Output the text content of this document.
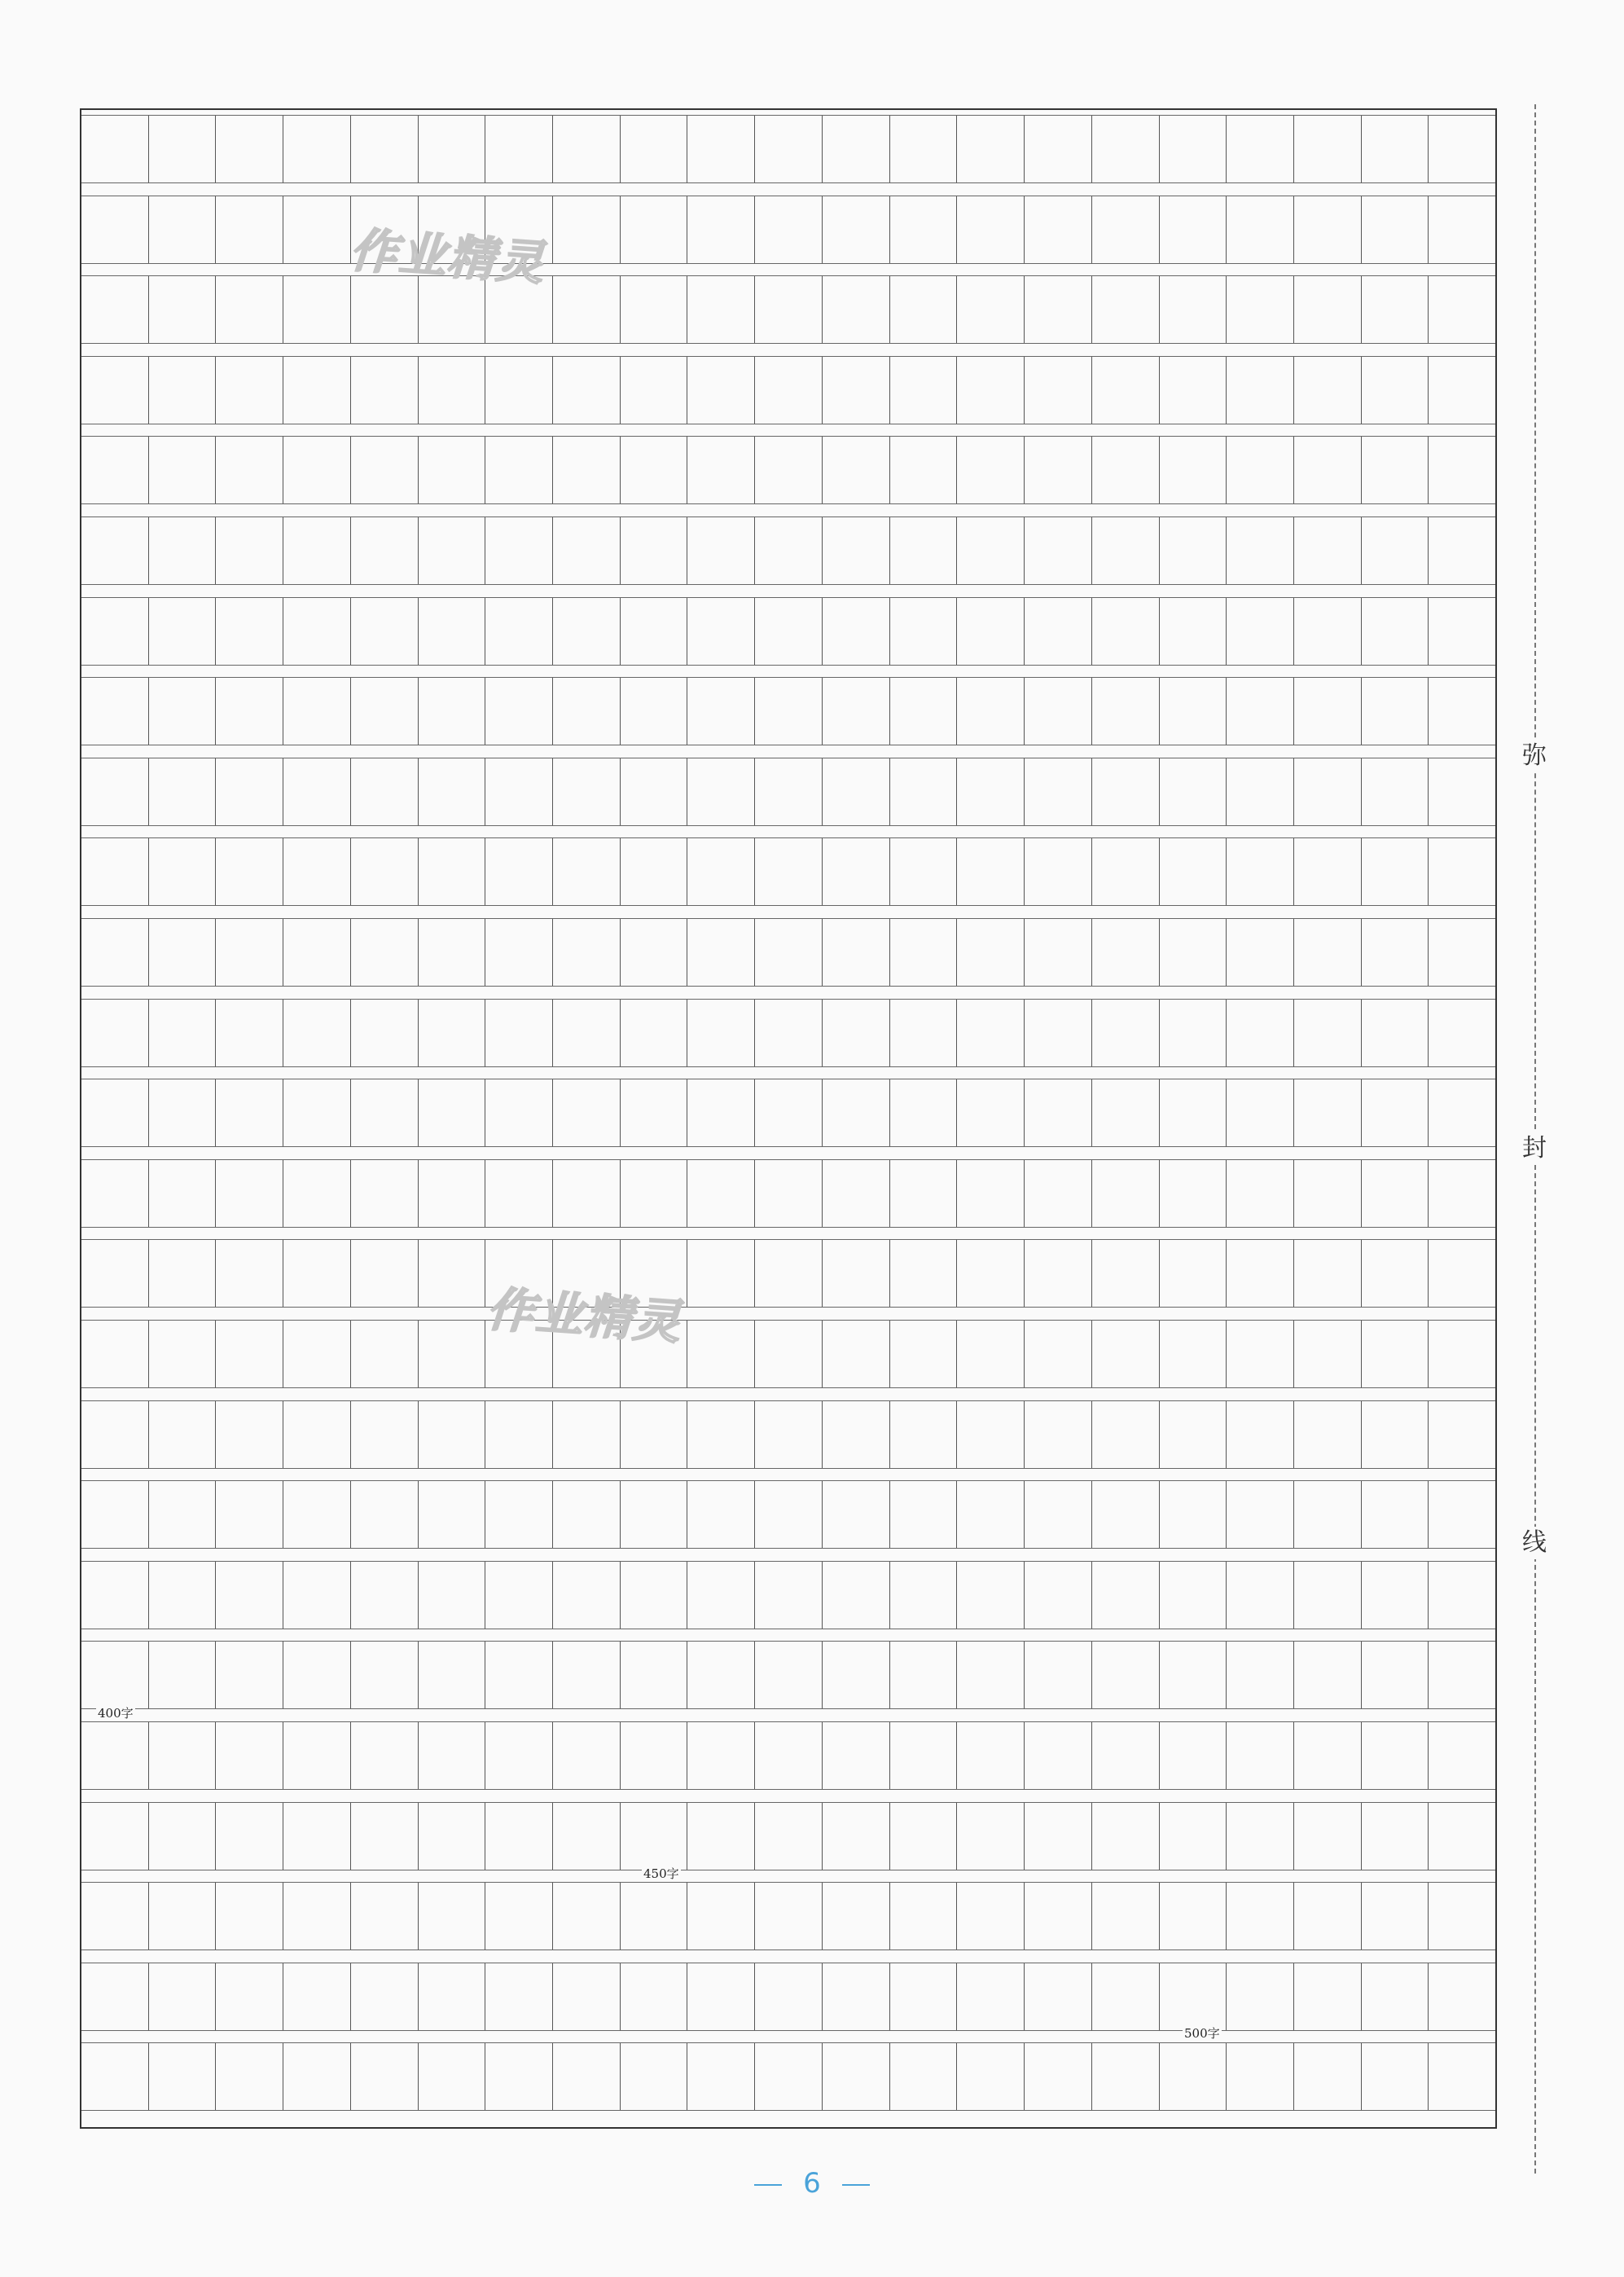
400字
450字
500字
作业精灵
作业精灵
弥
封
线
6
